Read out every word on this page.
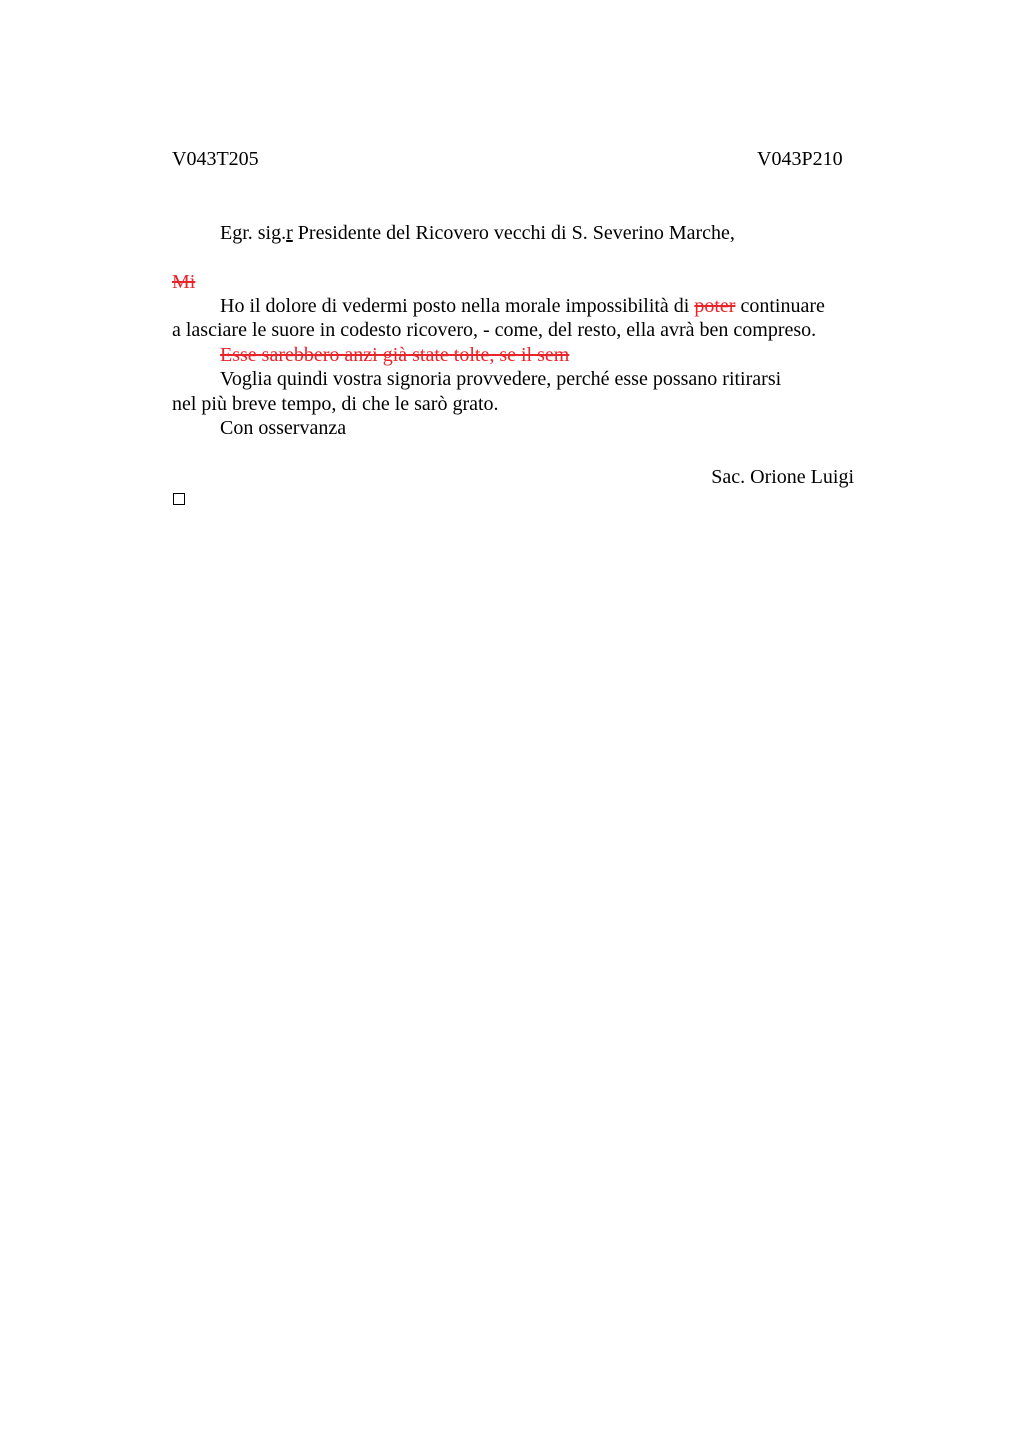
V043T205	V043P210
Egr. sig.r Presidente del Ricovero vecchi di S. Severino Marche,
Mi
Ho il dolore di vedermi posto nella morale impossibilità di poter continuare
a lasciare le suore in codesto ricovero, - come, del resto, ella avrà ben compreso.
Esse sarebbero anzi già state tolte, se il sem
Voglia quindi vostra signoria provvedere, perché esse possano ritirarsi
nel più breve tempo, di che le sarò grato.
Con osservanza
Sac. Orione Luigi
